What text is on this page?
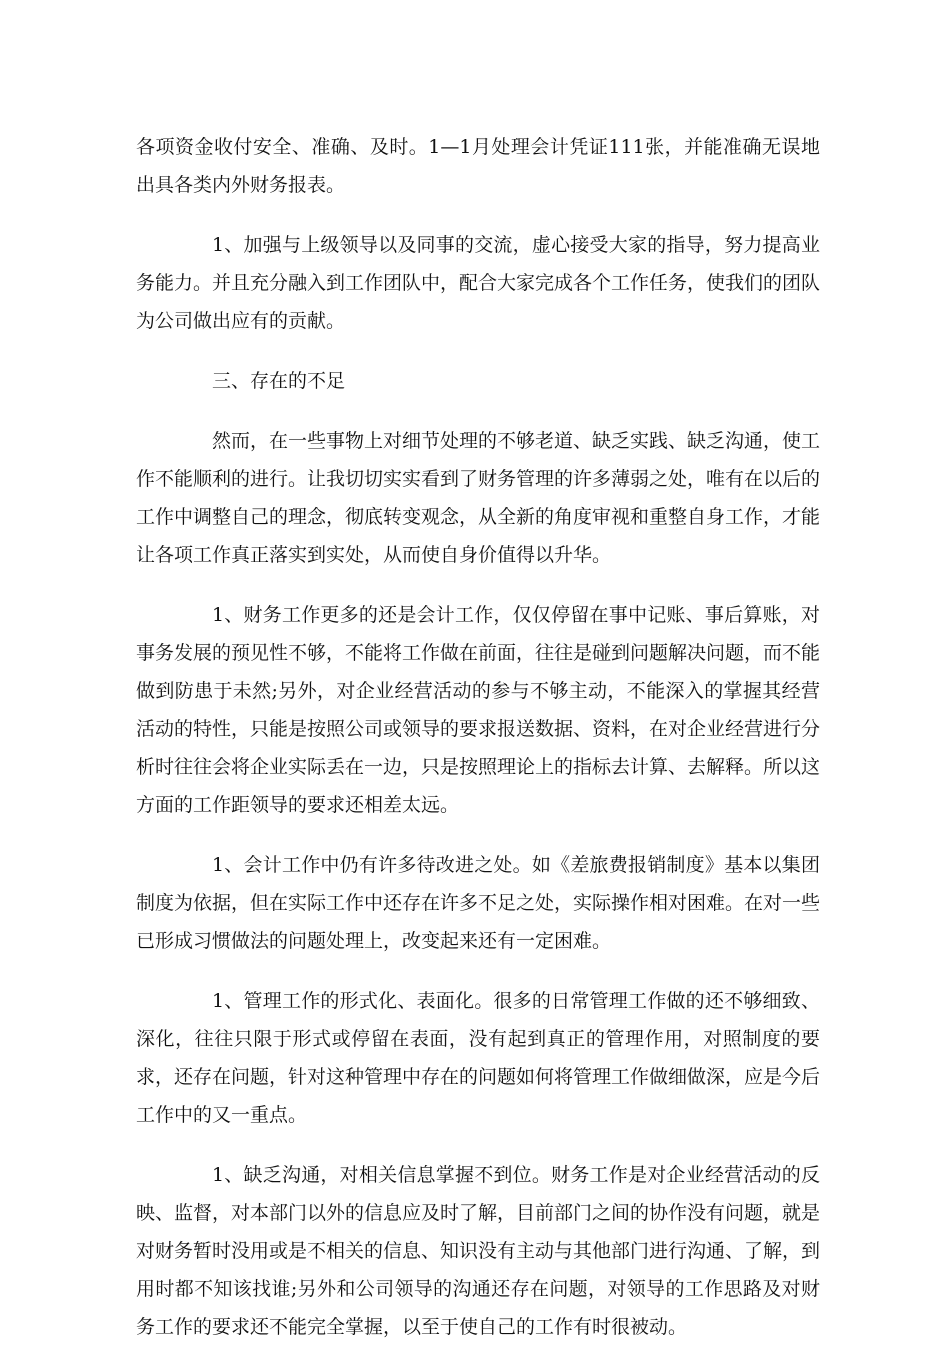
各项资金收付安全、准确、及时。1—1月处理会计凭证111张，并能准确无误地出具各类内外财务报表。

1、加强与上级领导以及同事的交流，虚心接受大家的指导，努力提高业务能力。并且充分融入到工作团队中，配合大家完成各个工作任务，使我们的团队为公司做出应有的贡献。

三、存在的不足

然而，在一些事物上对细节处理的不够老道、缺乏实践、缺乏沟通，使工作不能顺利的进行。让我切切实实看到了财务管理的许多薄弱之处，唯有在以后的工作中调整自己的理念，彻底转变观念，从全新的角度审视和重整自身工作，才能让各项工作真正落实到实处，从而使自身价值得以升华。

1、财务工作更多的还是会计工作，仅仅停留在事中记账、事后算账，对事务发展的预见性不够，不能将工作做在前面，往往是碰到问题解决问题，而不能做到防患于未然;另外，对企业经营活动的参与不够主动，不能深入的掌握其经营活动的特性，只能是按照公司或领导的要求报送数据、资料，在对企业经营进行分析时往往会将企业实际丢在一边，只是按照理论上的指标去计算、去解释。所以这方面的工作距领导的要求还相差太远。

1、会计工作中仍有许多待改进之处。如《差旅费报销制度》基本以集团制度为依据，但在实际工作中还存在许多不足之处，实际操作相对困难。在对一些已形成习惯做法的问题处理上，改变起来还有一定困难。

1、管理工作的形式化、表面化。很多的日常管理工作做的还不够细致、深化，往往只限于形式或停留在表面，没有起到真正的管理作用，对照制度的要求，还存在问题，针对这种管理中存在的问题如何将管理工作做细做深，应是今后工作中的又一重点。

1、缺乏沟通，对相关信息掌握不到位。财务工作是对企业经营活动的反映、监督，对本部门以外的信息应及时了解，目前部门之间的协作没有问题，就是对财务暂时没用或是不相关的信息、知识没有主动与其他部门进行沟通、了解，到用时都不知该找谁;另外和公司领导的沟通还存在问题，对领导的工作思路及对财务工作的要求还不能完全掌握，以至于使自己的工作有时很被动。
